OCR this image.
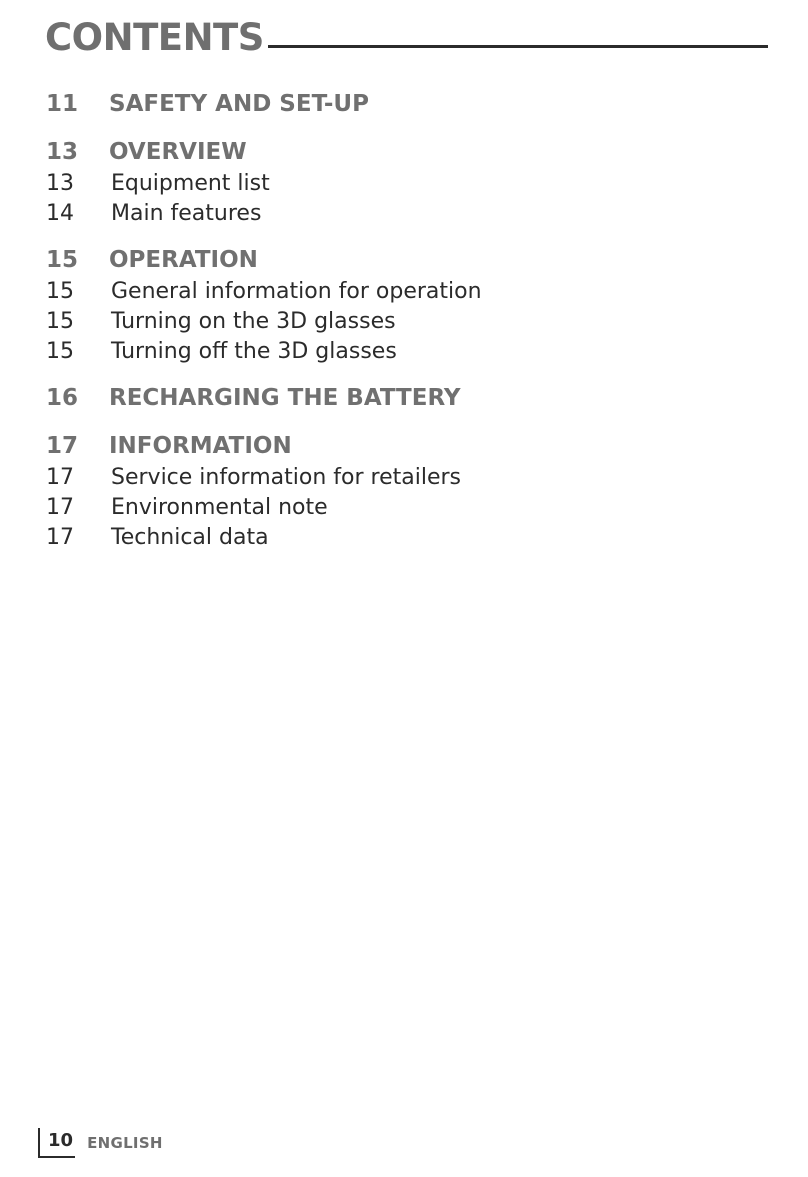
CONTENTS
11	SAFETY AND SET-UP
13	OVERVIEW
13	Equipment list
14	Main features
15	OPERATION
15	General information for operation
15	Turning on the 3D glasses
15	Turning off the 3D glasses
16	RECHARGING THE BATTERY
17	INFORMATION
17	Service information for retailers
17	Environmental note
17	Technical data
10 ENGLISH
